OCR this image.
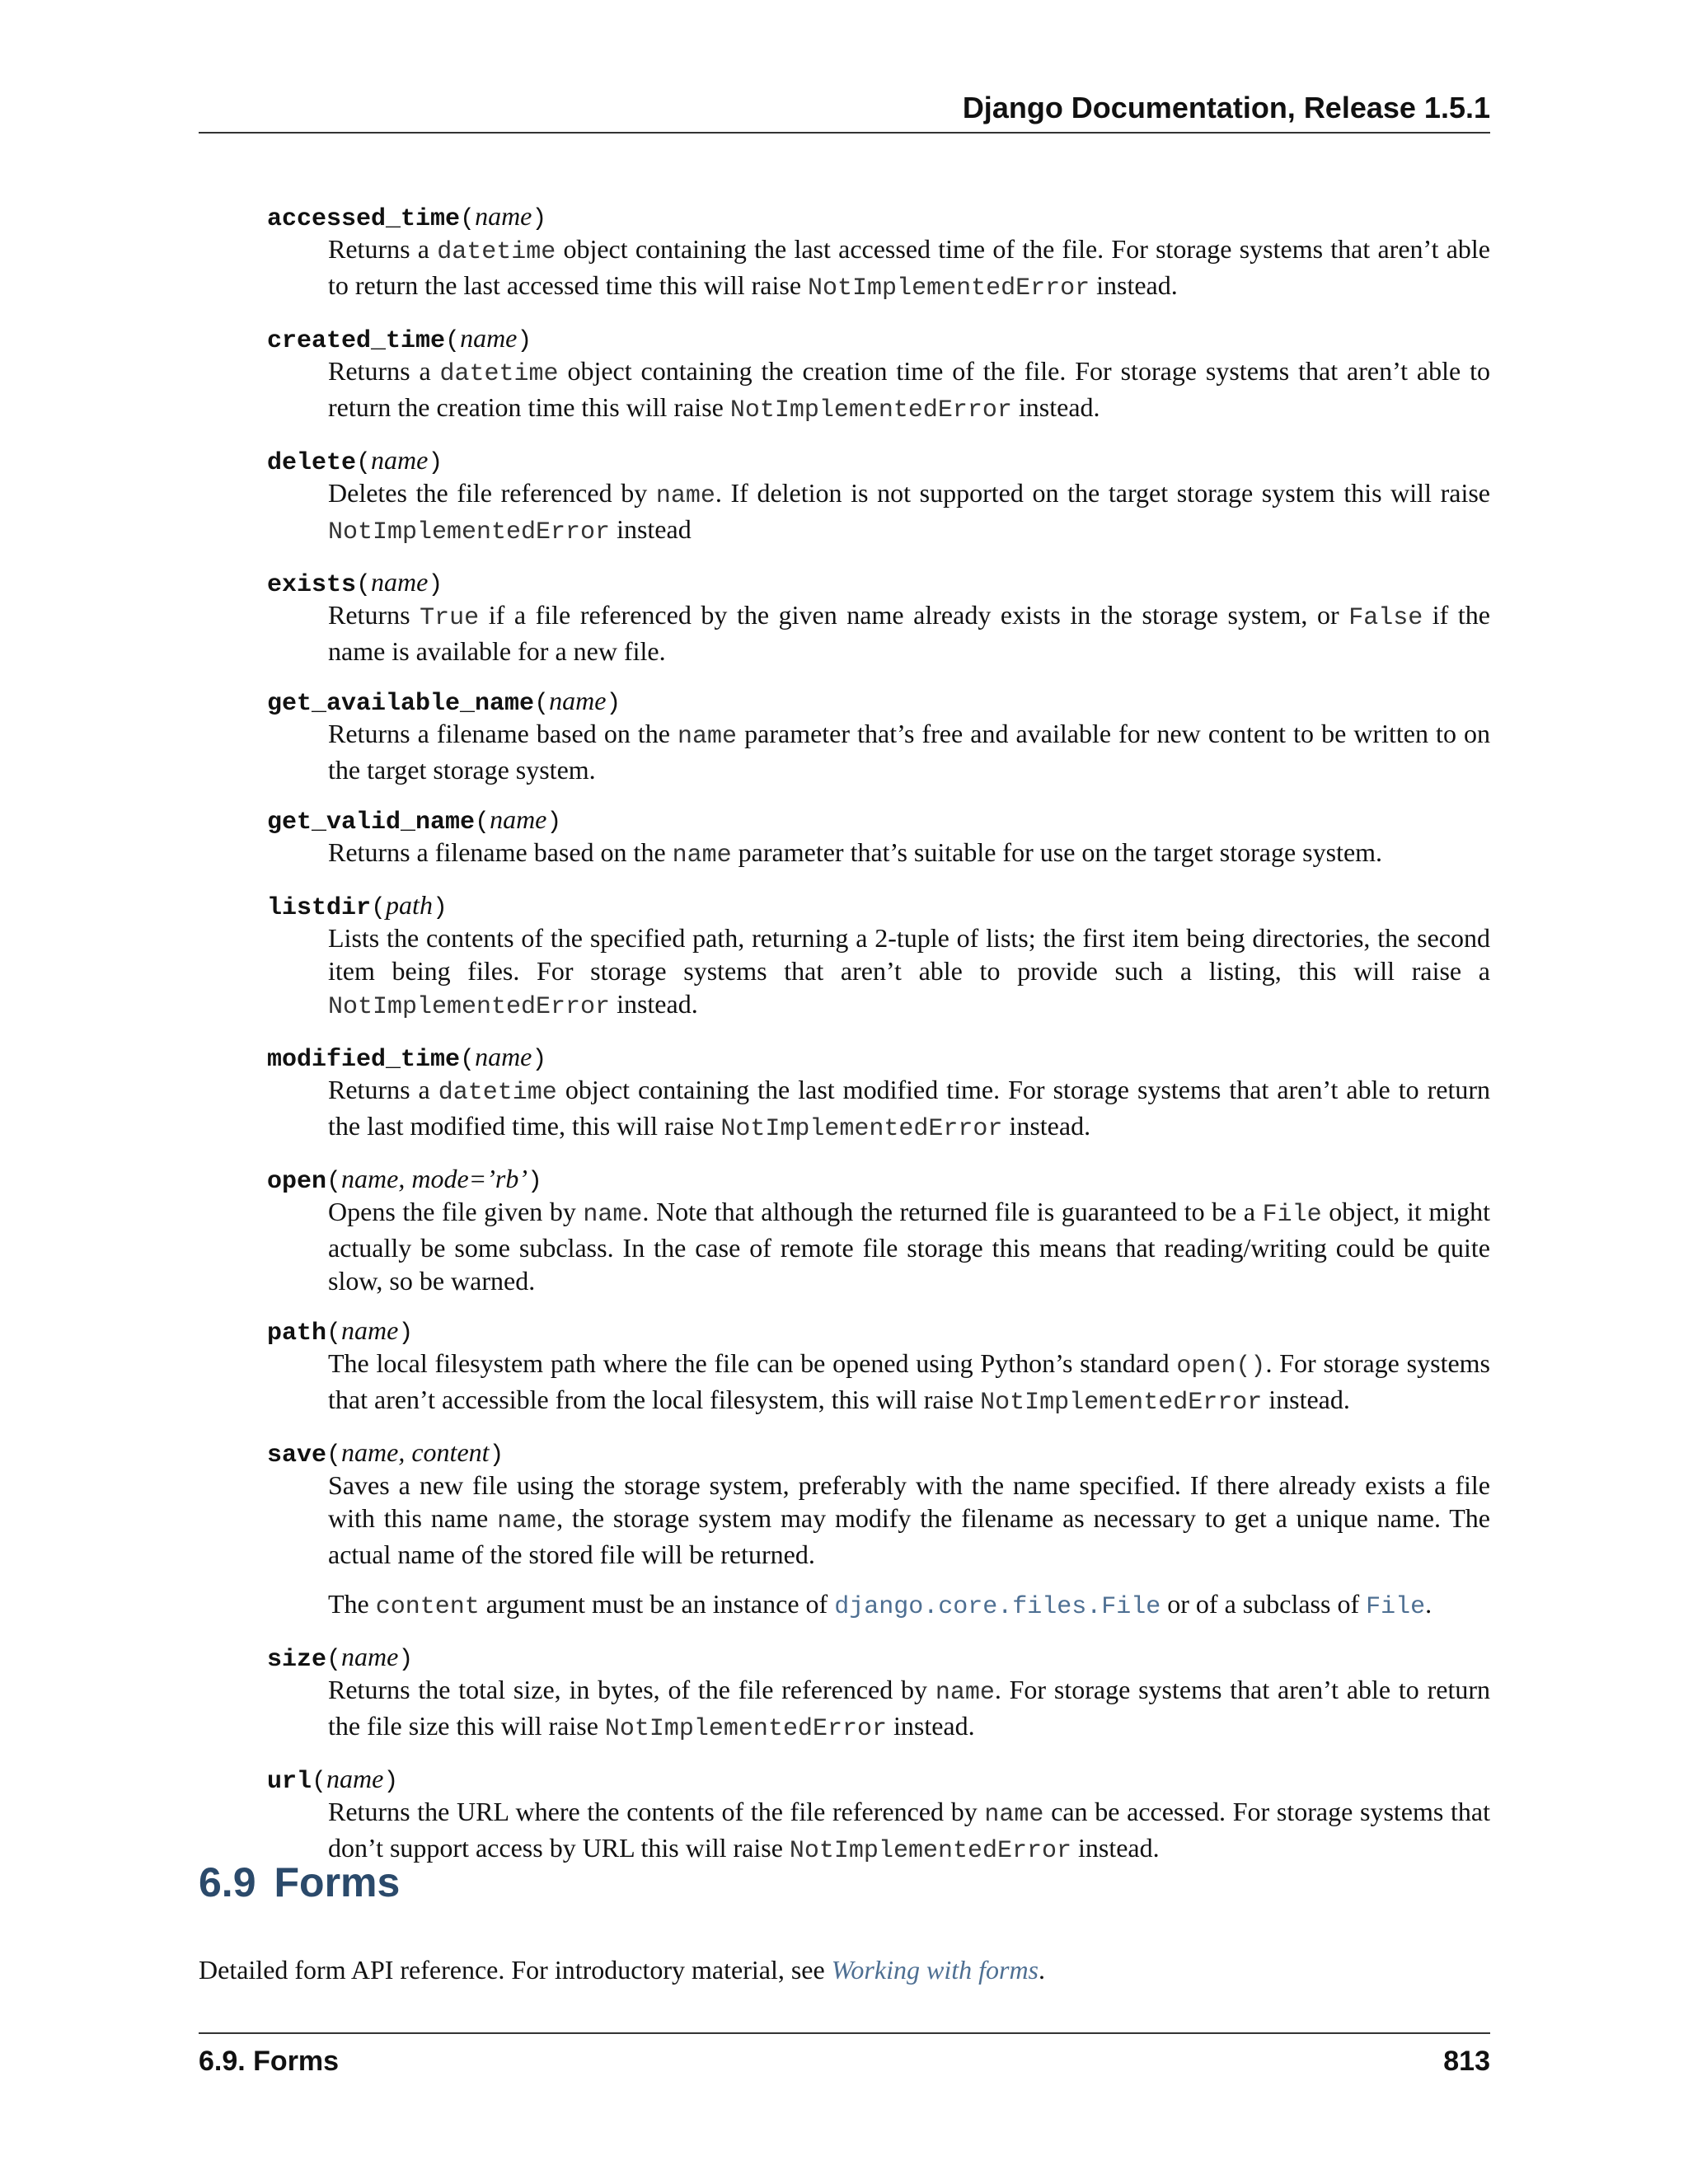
Django Documentation, Release 1.5.1
accessed_time(name)

Returns a datetime object containing the last accessed time of the file. For storage systems that aren’t able to return the last accessed time this will raise NotImplementedError instead.

created_time(name)

Returns a datetime object containing the creation time of the file. For storage systems that aren’t able to return the creation time this will raise NotImplementedError instead.

delete(name)

Deletes the file referenced by name. If deletion is not supported on the target storage system this will raise NotImplementedError instead

exists(name)

Returns True if a file referenced by the given name already exists in the storage system, or False if the name is available for a new file.

get_available_name(name)

Returns a filename based on the name parameter that’s free and available for new content to be written to on the target storage system.

get_valid_name(name)

Returns a filename based on the name parameter that’s suitable for use on the target storage system.

listdir(path)

Lists the contents of the specified path, returning a 2-tuple of lists; the first item being directories, the second item being files. For storage systems that aren’t able to provide such a listing, this will raise a NotImplementedError instead.

modified_time(name)

Returns a datetime object containing the last modified time. For storage systems that aren’t able to return the last modified time, this will raise NotImplementedError instead.

open(name, mode=’rb’)

Opens the file given by name. Note that although the returned file is guaranteed to be a File object, it might actually be some subclass. In the case of remote file storage this means that reading/writing could be quite slow, so be warned.

path(name)

The local filesystem path where the file can be opened using Python’s standard open(). For storage systems that aren’t accessible from the local filesystem, this will raise NotImplementedError instead.

save(name, content)

Saves a new file using the storage system, preferably with the name specified. If there already exists a file with this name name, the storage system may modify the filename as necessary to get a unique name. The actual name of the stored file will be returned.

The content argument must be an instance of django.core.files.File or of a subclass of File.

size(name)

Returns the total size, in bytes, of the file referenced by name. For storage systems that aren’t able to return the file size this will raise NotImplementedError instead.

url(name)

Returns the URL where the contents of the file referenced by name can be accessed. For storage systems that don’t support access by URL this will raise NotImplementedError instead.

6.9 Forms
Detailed form API reference. For introductory material, see Working with forms.
6.9. Forms	813
